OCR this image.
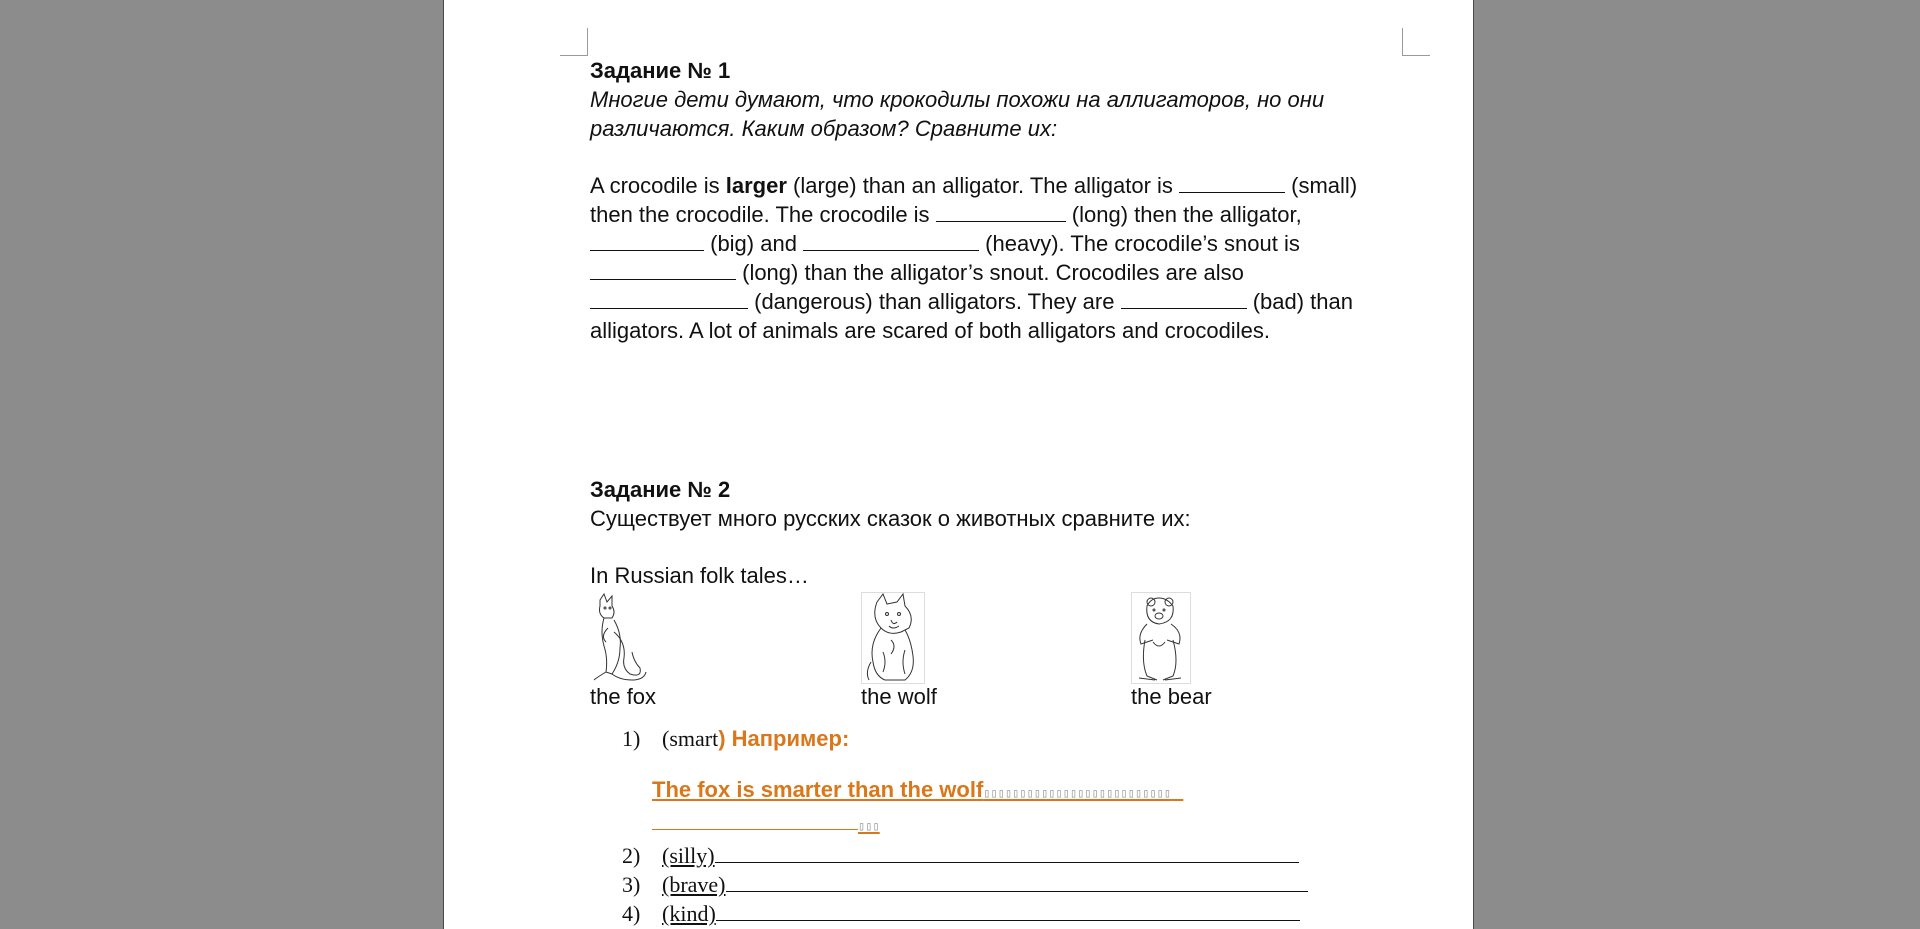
Задание № 1
Многие дети думают, что крокодилы похожи на аллигаторов, но они
различаются. Каким образом? Сравните их:
A crocodile is larger (large) than an alligator. The alligator is	(small)
then the crocodile. The crocodile is	(long) then the alligator,
(big) and	(heavy). The crocodile’s snout is
(long) than the alligator’s snout. Crocodiles are also
(dangerous) than alligators. They are	(bad) than
alligators. A lot of animals are scared of both alligators and crocodiles.
Задание № 2
Существует много русских сказок о животных сравните их:
In Russian folk tales…
the fox	the wolf	the bear
1) (smart) Например:
The fox is smarter than the wolf▯▯▯▯▯▯▯▯▯▯▯▯▯▯▯▯▯▯▯▯▯▯▯▯▯▯
▯▯▯
2) (silly)
3) (brave)
4) (kind)
